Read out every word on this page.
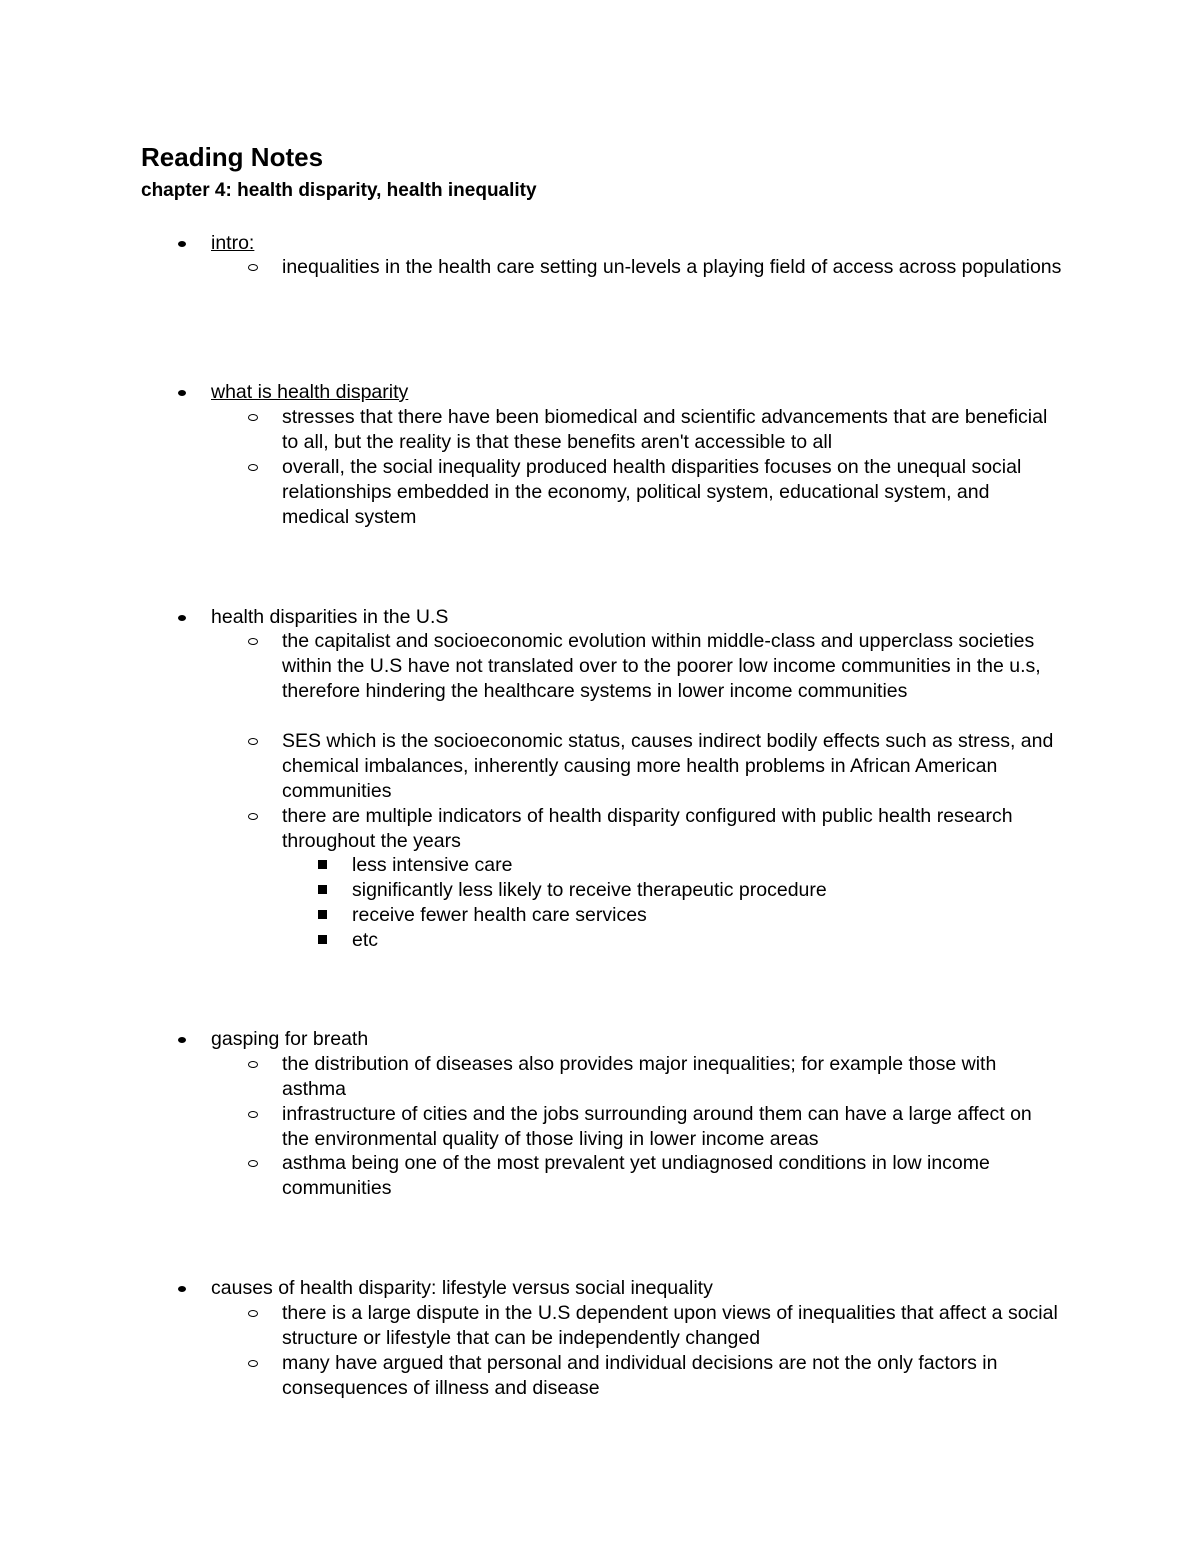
Reading Notes
chapter 4: health disparity, health inequality
intro:
inequalities in the health care setting un-levels a playing field of access across populations
what is health disparity
stresses that there have been biomedical and scientific advancements that are beneficial to all, but the reality is that these benefits aren't accessible to all
overall, the social inequality produced health disparities focuses on the unequal social relationships embedded in the economy, political system, educational system, and medical system
health disparities in the U.S
the capitalist and socioeconomic evolution within middle-class and upperclass societies within the U.S have not translated over to the poorer low income communities in the u.s, therefore hindering the healthcare systems in lower income communities
SES which is the socioeconomic status, causes indirect bodily effects such as stress, and chemical imbalances, inherently causing more health problems in African American communities
there are multiple indicators of health disparity configured with public health research throughout the years
less intensive care
significantly less likely to receive therapeutic procedure
receive fewer health care services
etc
gasping for breath
the distribution of diseases also provides major inequalities; for example those with asthma
infrastructure of cities and the jobs surrounding around them can have a large affect on the environmental quality of those living in lower income areas
asthma being one of the most prevalent yet undiagnosed conditions in low income communities
causes of health disparity: lifestyle versus social inequality
there is a large dispute in the U.S dependent upon views of inequalities that affect a social structure or lifestyle that can be independently changed
many have argued that personal and individual decisions are not the only factors in consequences of illness and disease
